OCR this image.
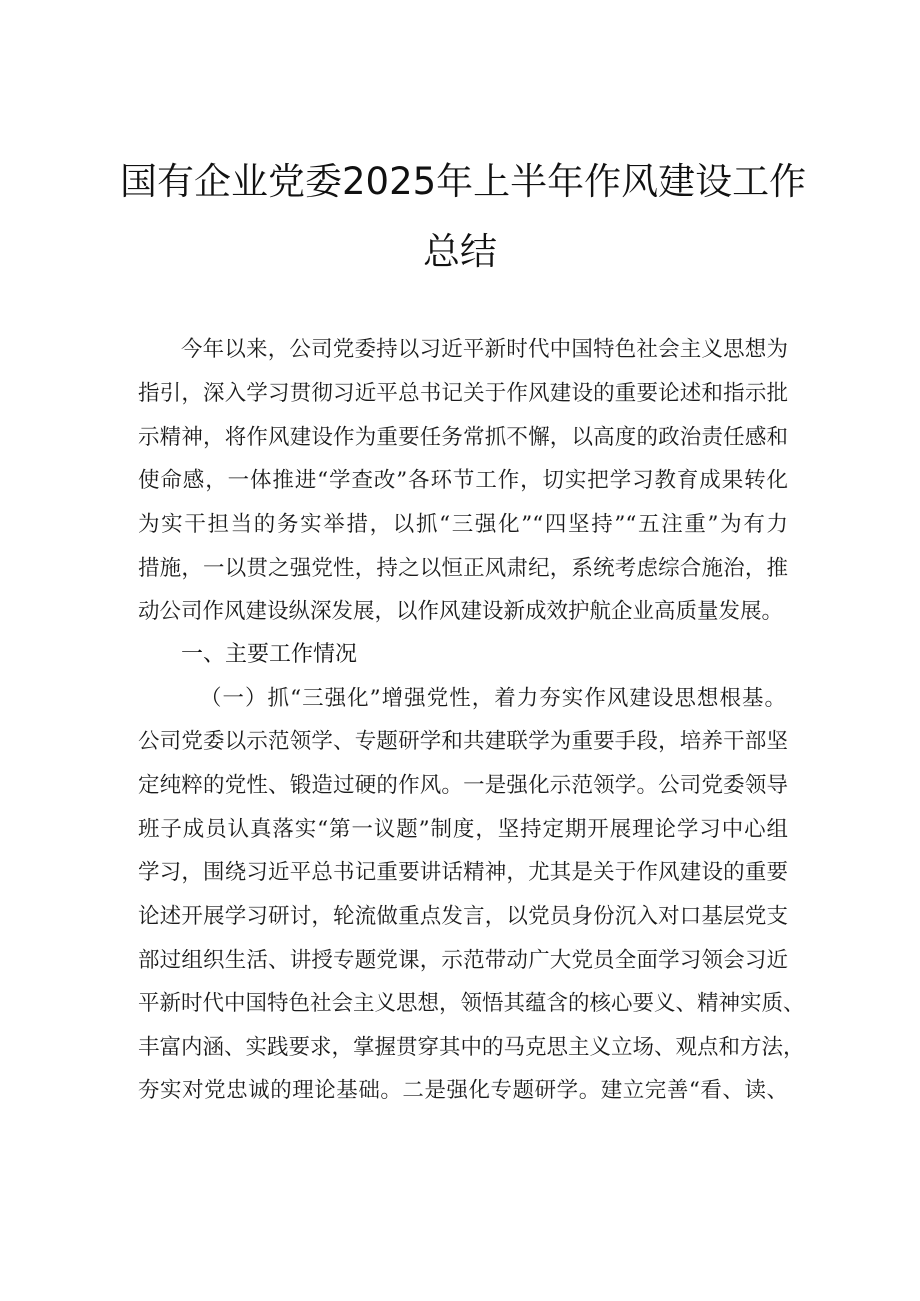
国有企业党委2025年上半年作风建设工作
总结
今年以来，公司党委持以习近平新时代中国特色社会主义思想为
指引，深入学习贯彻习近平总书记关于作风建设的重要论述和指示批
示精神，将作风建设作为重要任务常抓不懈，以高度的政治责任感和
使命感，一体推进“学查改”各环节工作，切实把学习教育成果转化
为实干担当的务实举措，以抓“三强化”“四坚持”“五注重”为有力
措施，一以贯之强党性，持之以恒正风肃纪，系统考虑综合施治，推
动公司作风建设纵深发展，以作风建设新成效护航企业高质量发展。
一、主要工作情况
（一）抓“三强化”增强党性，着力夯实作风建设思想根基。
公司党委以示范领学、专题研学和共建联学为重要手段，培养干部坚
定纯粹的党性、锻造过硬的作风。一是强化示范领学。公司党委领导
班子成员认真落实“第一议题”制度，坚持定期开展理论学习中心组
学习，围绕习近平总书记重要讲话精神，尤其是关于作风建设的重要
论述开展学习研讨，轮流做重点发言，以党员身份沉入对口基层党支
部过组织生活、讲授专题党课，示范带动广大党员全面学习领会习近
平新时代中国特色社会主义思想，领悟其蕴含的核心要义、精神实质、
丰富内涵、实践要求，掌握贯穿其中的马克思主义立场、观点和方法，
夯实对党忠诚的理论基础。二是强化专题研学。建立完善“看、读、
